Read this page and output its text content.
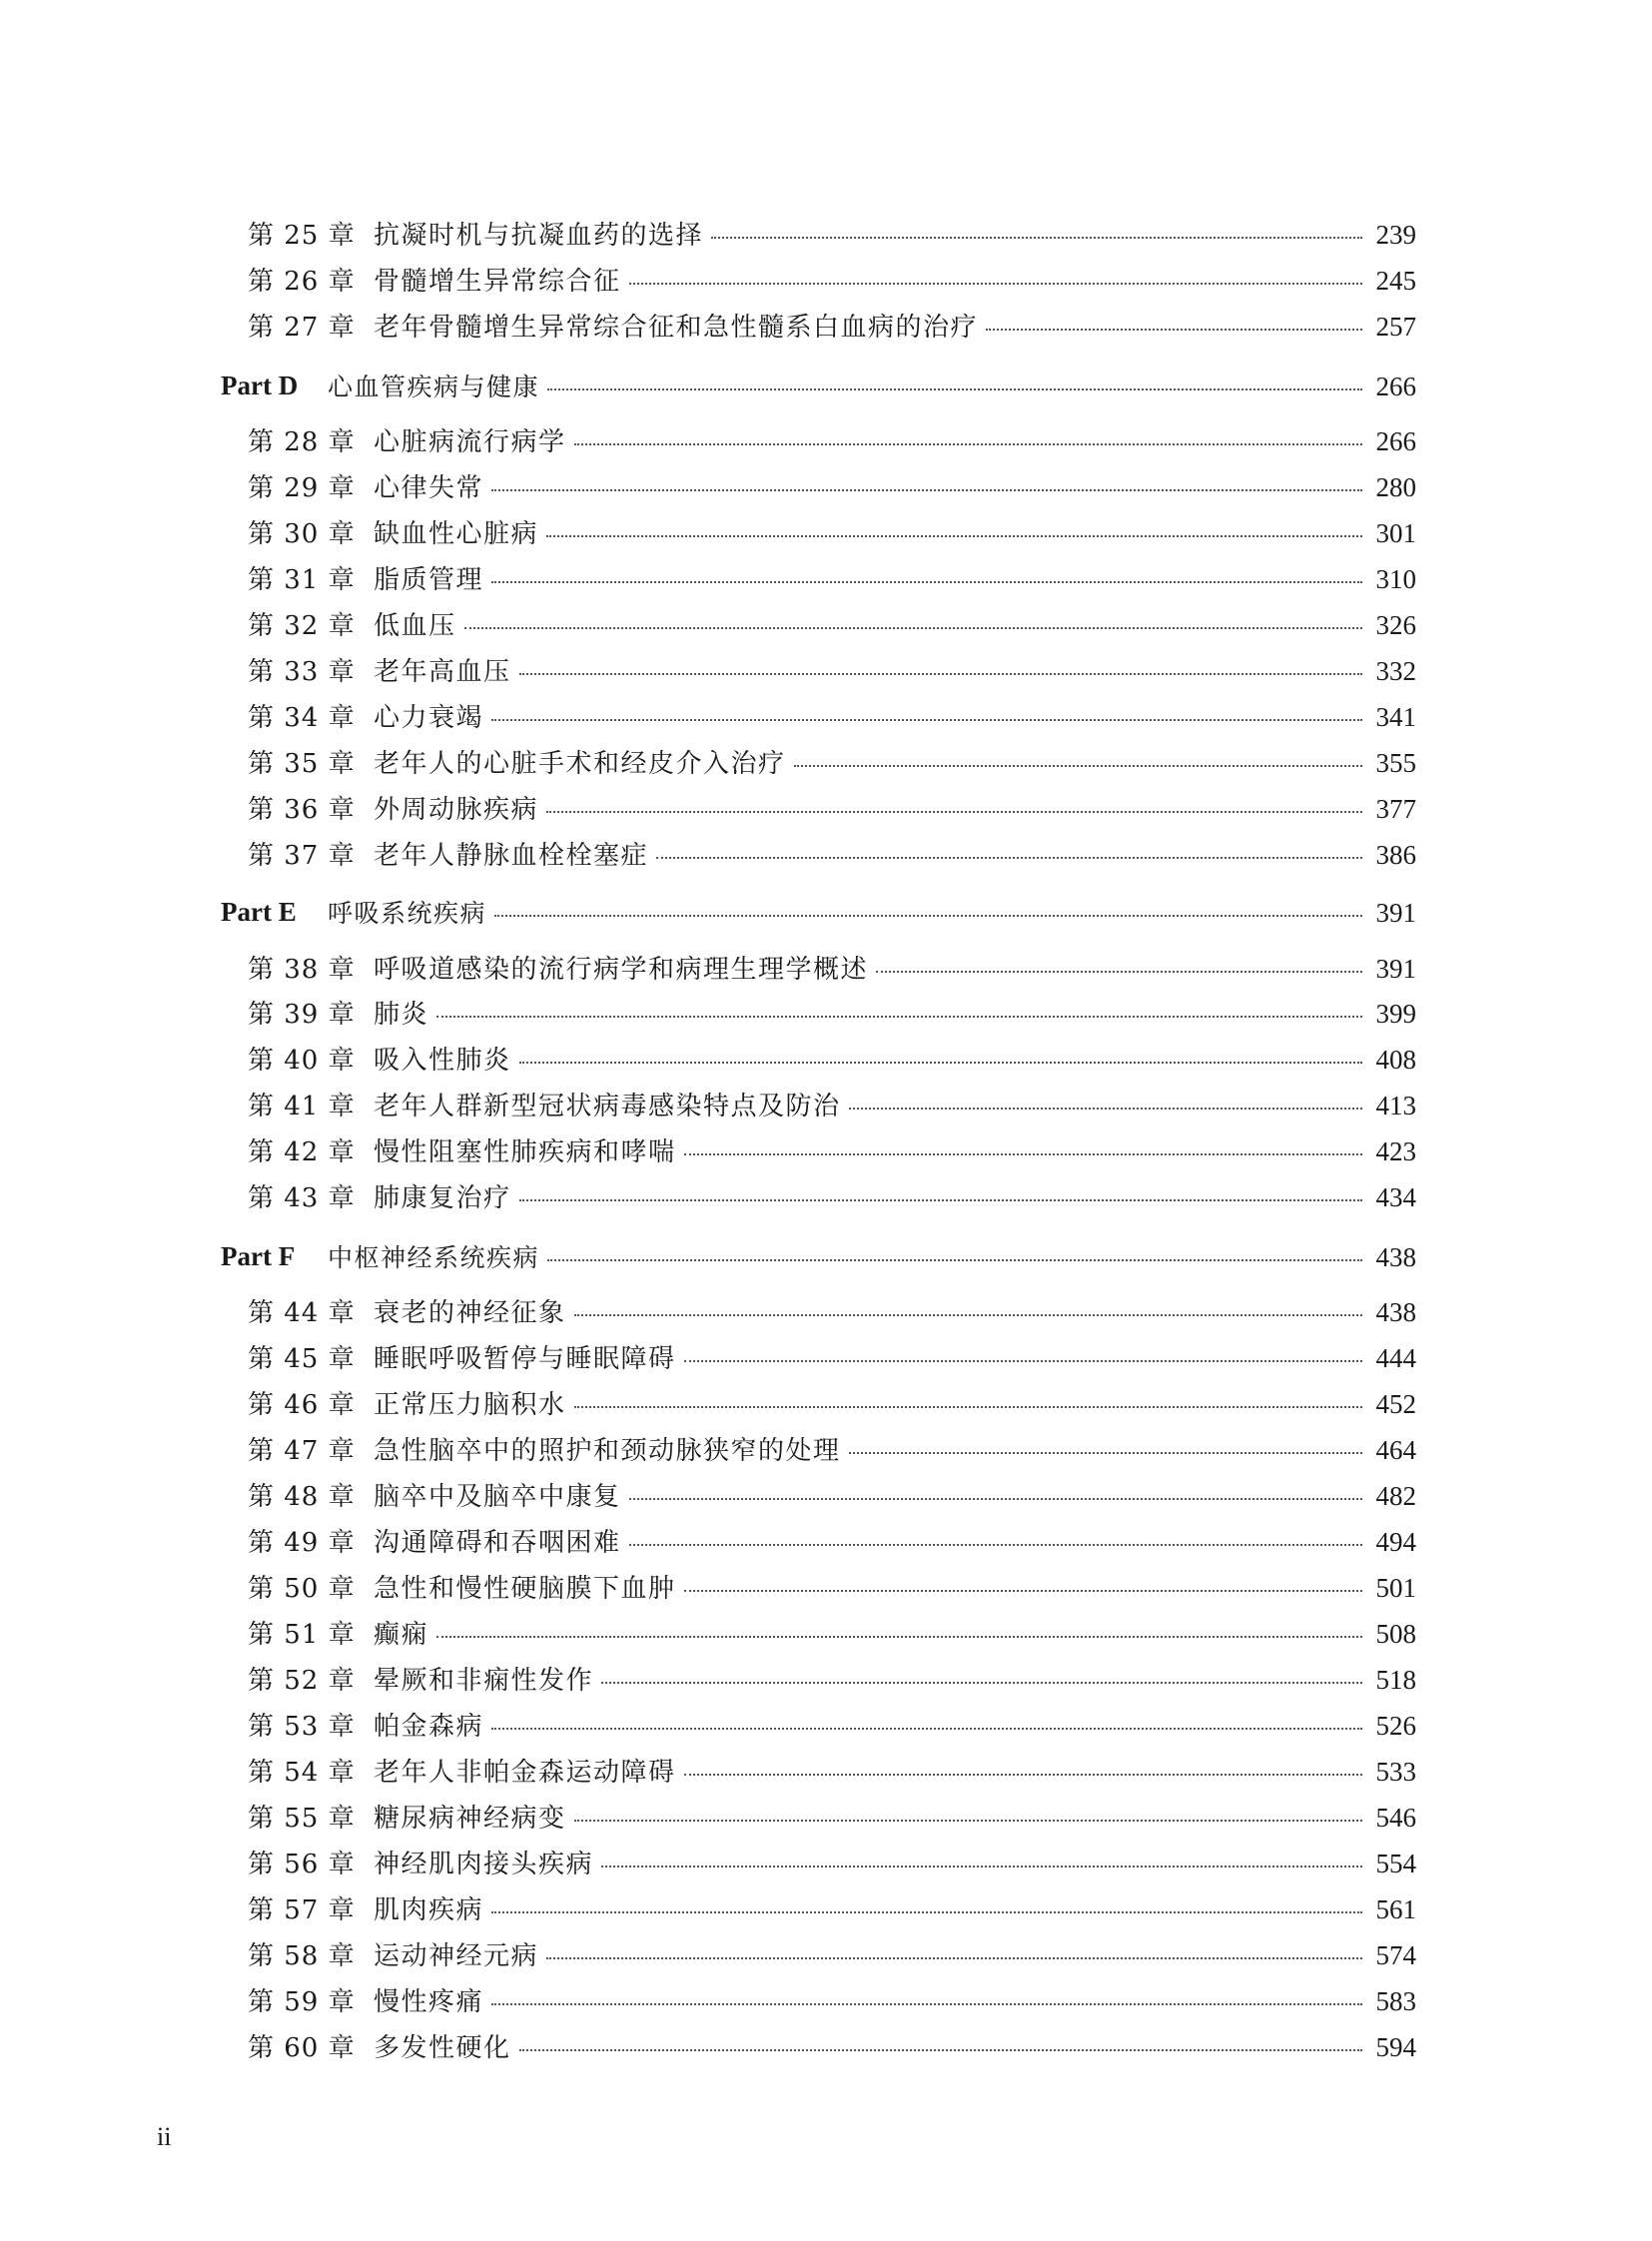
第 25 章 抗凝时机与抗凝血药的选择	239
第 26 章 骨髓增生异常综合征	245
第 27 章 老年骨髓增生异常综合征和急性髓系白血病的治疗	257
Part D 心血管疾病与健康	266
第 28 章 心脏病流行病学	266
第 29 章 心律失常	280
第 30 章 缺血性心脏病	301
第 31 章 脂质管理	310
第 32 章 低血压	326
第 33 章 老年高血压	332
第 34 章 心力衰竭	341
第 35 章 老年人的心脏手术和经皮介入治疗	355
第 36 章 外周动脉疾病	377
第 37 章 老年人静脉血栓栓塞症	386
Part E 呼吸系统疾病	391
第 38 章 呼吸道感染的流行病学和病理生理学概述	391
第 39 章 肺炎	399
第 40 章 吸入性肺炎	408
第 41 章 老年人群新型冠状病毒感染特点及防治	413
第 42 章 慢性阻塞性肺疾病和哮喘	423
第 43 章 肺康复治疗	434
Part F 中枢神经系统疾病	438
第 44 章 衰老的神经征象	438
第 45 章 睡眠呼吸暂停与睡眠障碍	444
第 46 章 正常压力脑积水	452
第 47 章 急性脑卒中的照护和颈动脉狭窄的处理	464
第 48 章 脑卒中及脑卒中康复	482
第 49 章 沟通障碍和吞咽困难	494
第 50 章 急性和慢性硬脑膜下血肿	501
第 51 章 癫痫	508
第 52 章 晕厥和非痫性发作	518
第 53 章 帕金森病	526
第 54 章 老年人非帕金森运动障碍	533
第 55 章 糖尿病神经病变	546
第 56 章 神经肌肉接头疾病	554
第 57 章 肌肉疾病	561
第 58 章 运动神经元病	574
第 59 章 慢性疼痛	583
第 60 章 多发性硬化	594
ii
